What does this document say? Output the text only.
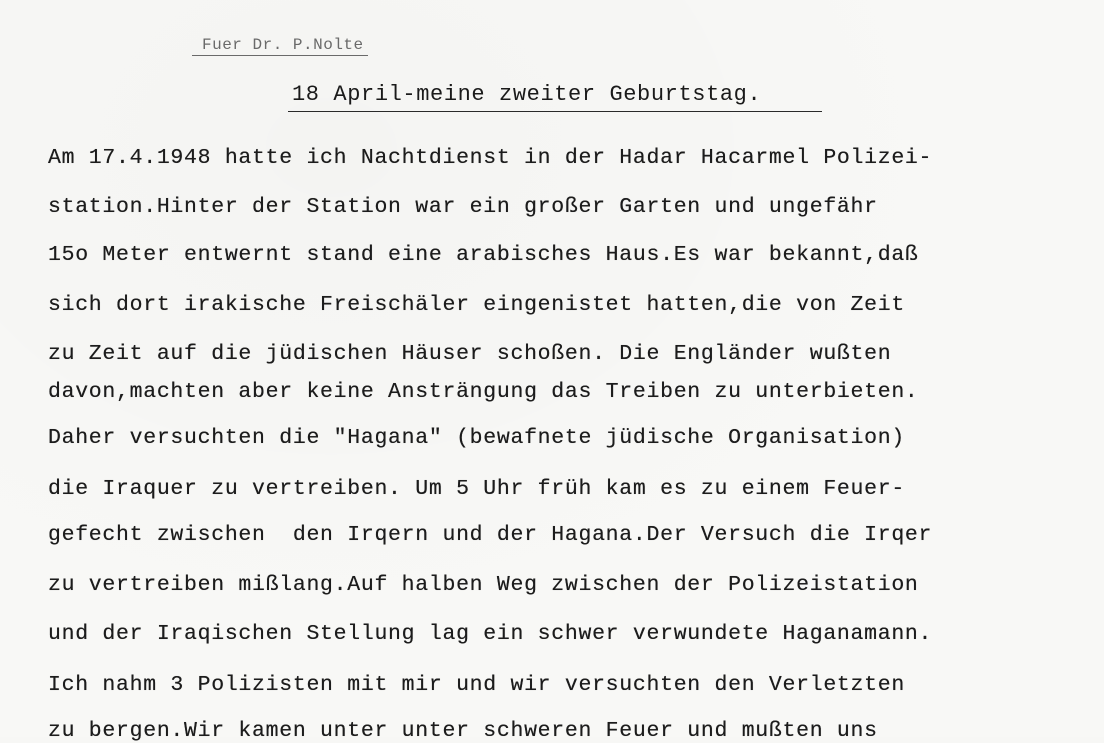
Fuer Dr. P.Nolte
18 April-meine zweiter Geburtstag.
Am 17.4.1948 hatte ich Nachtdienst in der Hadar Hacarmel Polizei-
station.Hinter der Station war ein großer Garten und ungefähr
15o Meter entwernt stand eine arabisches Haus.Es war bekannt,daß
sich dort irakische Freischäler eingenistet hatten,die von Zeit
zu Zeit auf die jüdischen Häuser schoßen. Die Engländer wußten
davon,machten aber keine Ansträngung das Treiben zu unterbieten.
Daher versuchten die "Hagana" (bewafnete jüdische Organisation)
die Iraquer zu vertreiben. Um 5 Uhr früh kam es zu einem Feuer-
gefecht zwischen  den Irqern und der Hagana.Der Versuch die Irqer
zu vertreiben mißlang.Auf halben Weg zwischen der Polizeistation
und der Iraqischen Stellung lag ein schwer verwundete Haganamann.
Ich nahm 3 Polizisten mit mir und wir versuchten den Verletzten
zu bergen.Wir kamen unter unter schweren Feuer und mußten uns
